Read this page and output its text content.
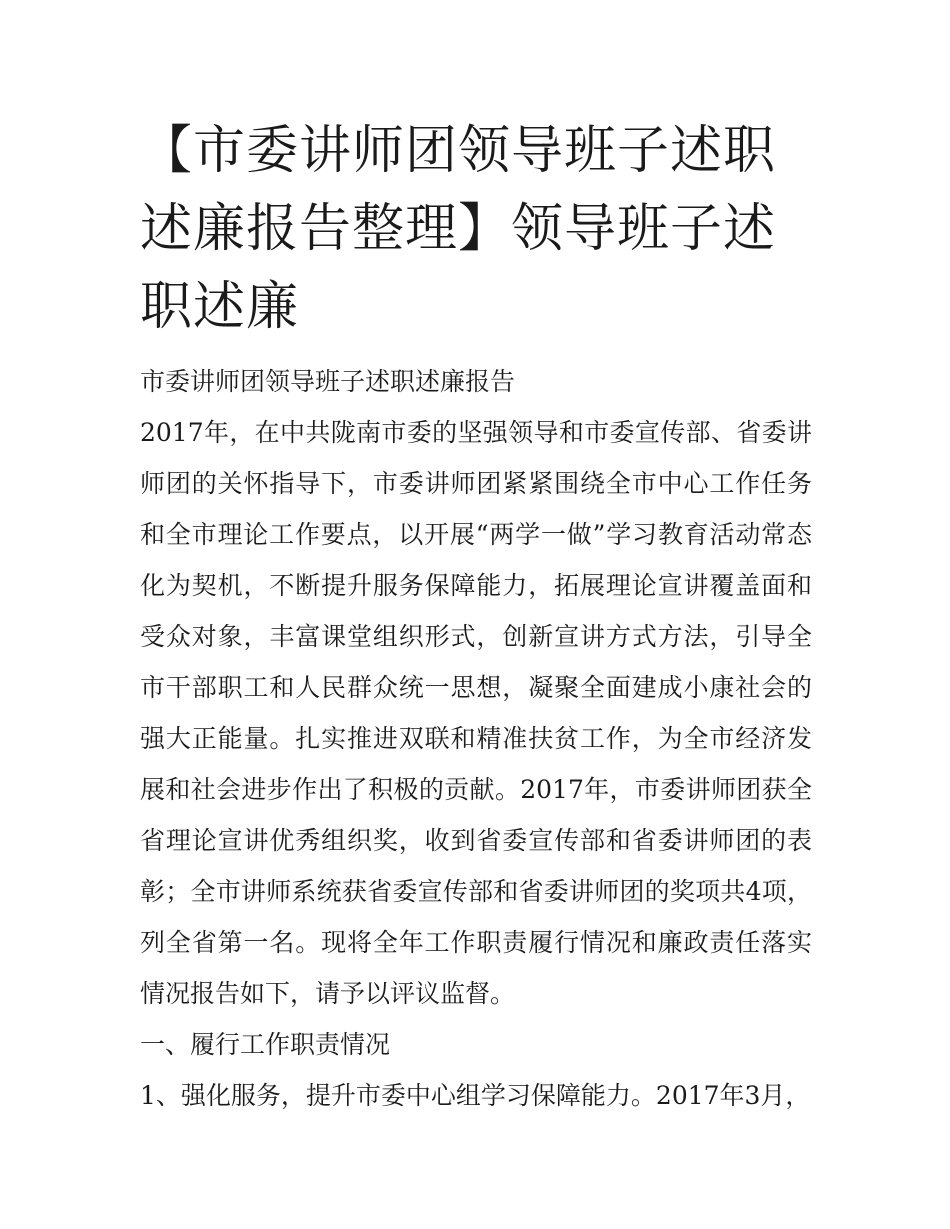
【市委讲师团领导班子述职述廉报告整理】领导班子述职述廉

市委讲师团领导班子述职述廉报告

2017年，在中共陇南市委的坚强领导和市委宣传部、省委讲师团的关怀指导下，市委讲师团紧紧围绕全市中心工作任务和全市理论工作要点，以开展“两学一做”学习教育活动常态化为契机，不断提升服务保障能力，拓展理论宣讲覆盖面和受众对象，丰富课堂组织形式，创新宣讲方式方法，引导全市干部职工和人民群众统一思想，凝聚全面建成小康社会的强大正能量。扎实推进双联和精准扶贫工作，为全市经济发展和社会进步作出了积极的贡献。2017年，市委讲师团获全省理论宣讲优秀组织奖，收到省委宣传部和省委讲师团的表彰；全市讲师系统获省委宣传部和省委讲师团的奖项共4项，列全省第一名。现将全年工作职责履行情况和廉政责任落实情况报告如下，请予以评议监督。

一、履行工作职责情况

1、强化服务，提升市委中心组学习保障能力。2017年3月，
